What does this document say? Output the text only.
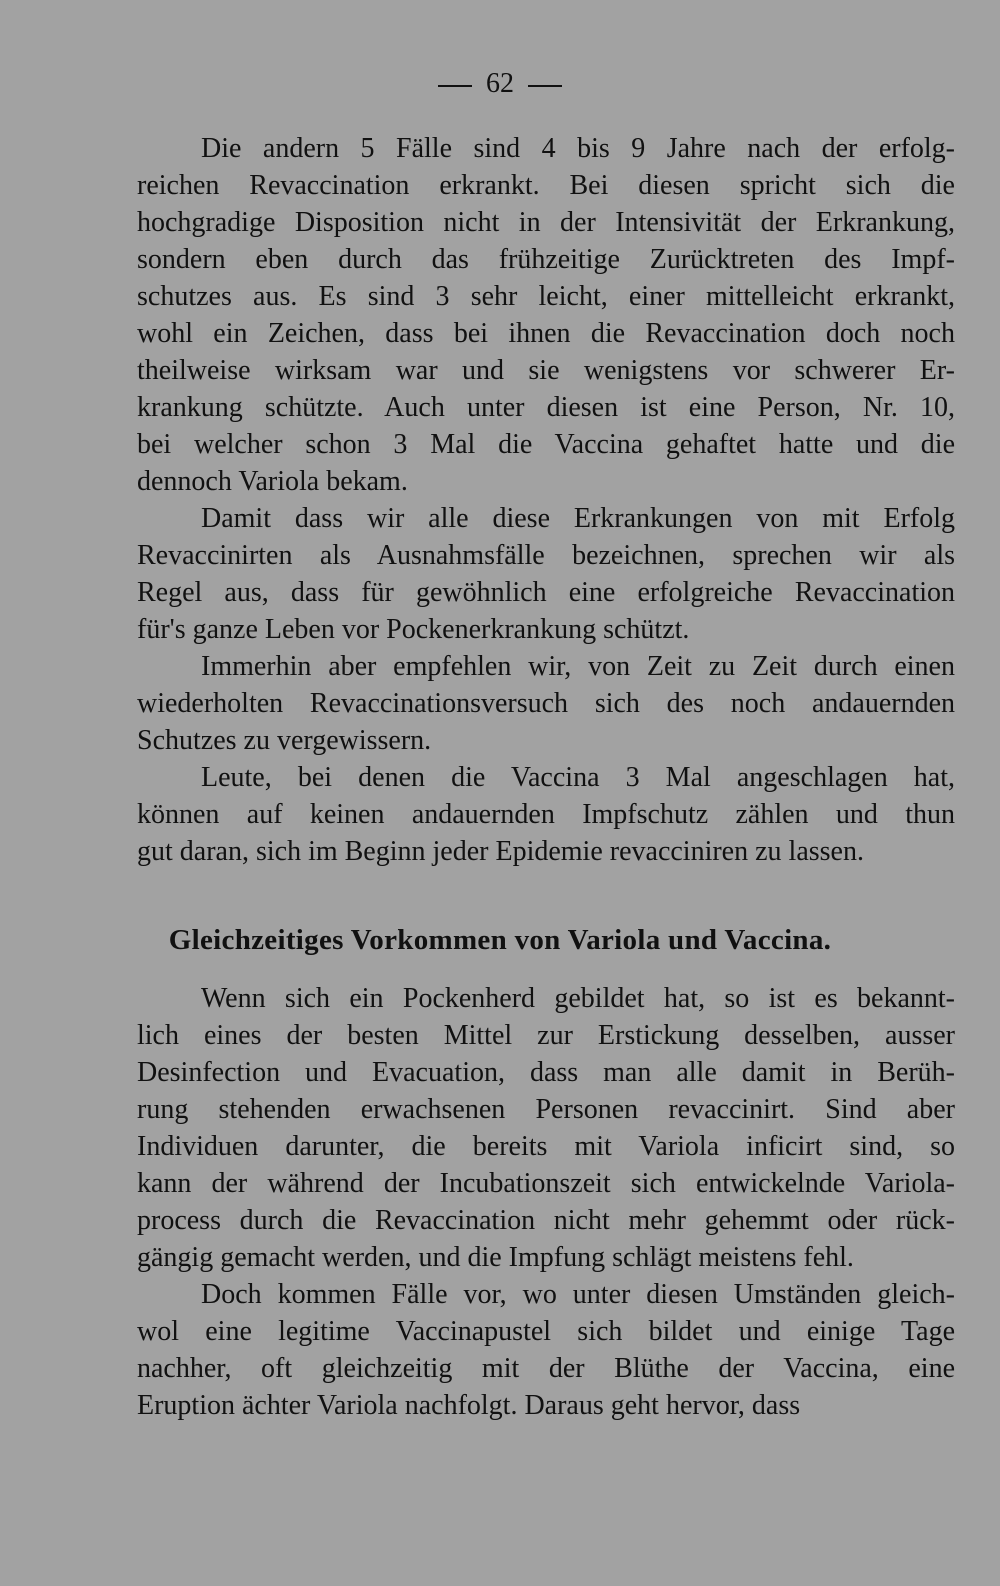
62
Die andern 5 Fälle sind 4 bis 9 Jahre nach der erfolg-
reichen Revaccination erkrankt. Bei diesen spricht sich die
hochgradige Disposition nicht in der Intensivität der Erkrankung,
sondern eben durch das frühzeitige Zurücktreten des Impf-
schutzes aus. Es sind 3 sehr leicht, einer mittelleicht erkrankt,
wohl ein Zeichen, dass bei ihnen die Revaccination doch noch
theilweise wirksam war und sie wenigstens vor schwerer Er-
krankung schützte. Auch unter diesen ist eine Person, Nr. 10,
bei welcher schon 3 Mal die Vaccina gehaftet hatte und die
dennoch Variola bekam.
Damit dass wir alle diese Erkrankungen von mit Erfolg
Revaccinirten als Ausnahmsfälle bezeichnen, sprechen wir als
Regel aus, dass für gewöhnlich eine erfolgreiche Revaccination
für's ganze Leben vor Pockenerkrankung schützt.
Immerhin aber empfehlen wir, von Zeit zu Zeit durch einen
wiederholten Revaccinationsversuch sich des noch andauernden
Schutzes zu vergewissern.
Leute, bei denen die Vaccina 3 Mal angeschlagen hat,
können auf keinen andauernden Impfschutz zählen und thun
gut daran, sich im Beginn jeder Epidemie revacciniren zu lassen.
Gleichzeitiges Vorkommen von Variola und Vaccina.
Wenn sich ein Pockenherd gebildet hat, so ist es bekannt-
lich eines der besten Mittel zur Erstickung desselben, ausser
Desinfection und Evacuation, dass man alle damit in Berüh-
rung stehenden erwachsenen Personen revaccinirt. Sind aber
Individuen darunter, die bereits mit Variola inficirt sind, so
kann der während der Incubationszeit sich entwickelnde Variola-
process durch die Revaccination nicht mehr gehemmt oder rück-
gängig gemacht werden, und die Impfung schlägt meistens fehl.
Doch kommen Fälle vor, wo unter diesen Umständen gleich-
wol eine legitime Vaccinapustel sich bildet und einige Tage
nachher, oft gleichzeitig mit der Blüthe der Vaccina, eine
Eruption ächter Variola nachfolgt. Daraus geht hervor, dass
